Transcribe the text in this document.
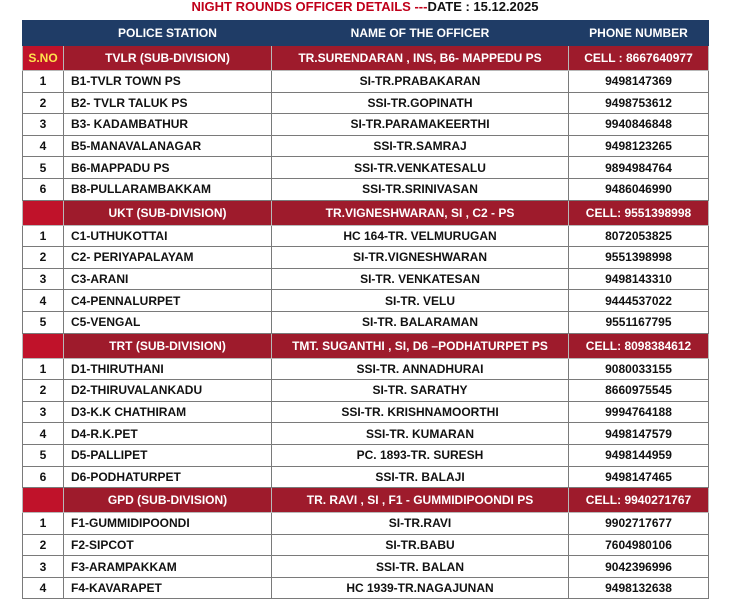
NIGHT ROUNDS OFFICER DETAILS ---DATE : 15.12.2025
	POLICE STATION	NAME OF THE OFFICER	PHONE NUMBER
S.NO	TVLR (SUB-DIVISION)	TR.SURENDARAN , INS, B6- MAPPEDU PS	CELL : 8667640977
1	B1-TVLR TOWN PS	SI-TR.PRABAKARAN	9498147369
2	B2- TVLR TALUK PS	SSI-TR.GOPINATH	9498753612
3	B3- KADAMBATHUR	SI-TR.PARAMAKEERTHI	9940846848
4	B5-MANAVALANAGAR	SSI-TR.SAMRAJ	9498123265
5	B6-MAPPADU PS	SSI-TR.VENKATESALU	9894984764
6	B8-PULLARAMBAKKAM	SSI-TR.SRINIVASAN	9486046990
	UKT (SUB-DIVISION)	TR.VIGNESHWARAN, SI , C2 - PS	CELL: 9551398998
1	C1-UTHUKOTTAI	HC 164-TR. VELMURUGAN	8072053825
2	C2- PERIYAPALAYAM	SI-TR.VIGNESHWARAN	9551398998
3	C3-ARANI	SI-TR. VENKATESAN	9498143310
4	C4-PENNALURPET	SI-TR. VELU	9444537022
5	C5-VENGAL	SI-TR. BALARAMAN	9551167795
	TRT (SUB-DIVISION)	TMT. SUGANTHI , SI, D6 –PODHATURPET PS	CELL: 8098384612
1	D1-THIRUTHANI	SSI-TR. ANNADHURAI	9080033155
2	D2-THIRUVALANKADU	SI-TR. SARATHY	8660975545
3	D3-K.K CHATHIRAM	SSI-TR. KRISHNAMOORTHI	9994764188
4	D4-R.K.PET	SSI-TR. KUMARAN	9498147579
5	D5-PALLIPET	PC. 1893-TR. SURESH	9498144959
6	D6-PODHATURPET	SSI-TR. BALAJI	9498147465
	GPD (SUB-DIVISION)	TR. RAVI , SI , F1 - GUMMIDIPOONDI PS	CELL: 9940271767
1	F1-GUMMIDIPOONDI	SI-TR.RAVI	9902717677
2	F2-SIPCOT	SI-TR.BABU	7604980106
3	F3-ARAMPAKKAM	SSI-TR. BALAN	9042396996
4	F4-KAVARAPET	HC 1939-TR.NAGAJUNAN	9498132638
